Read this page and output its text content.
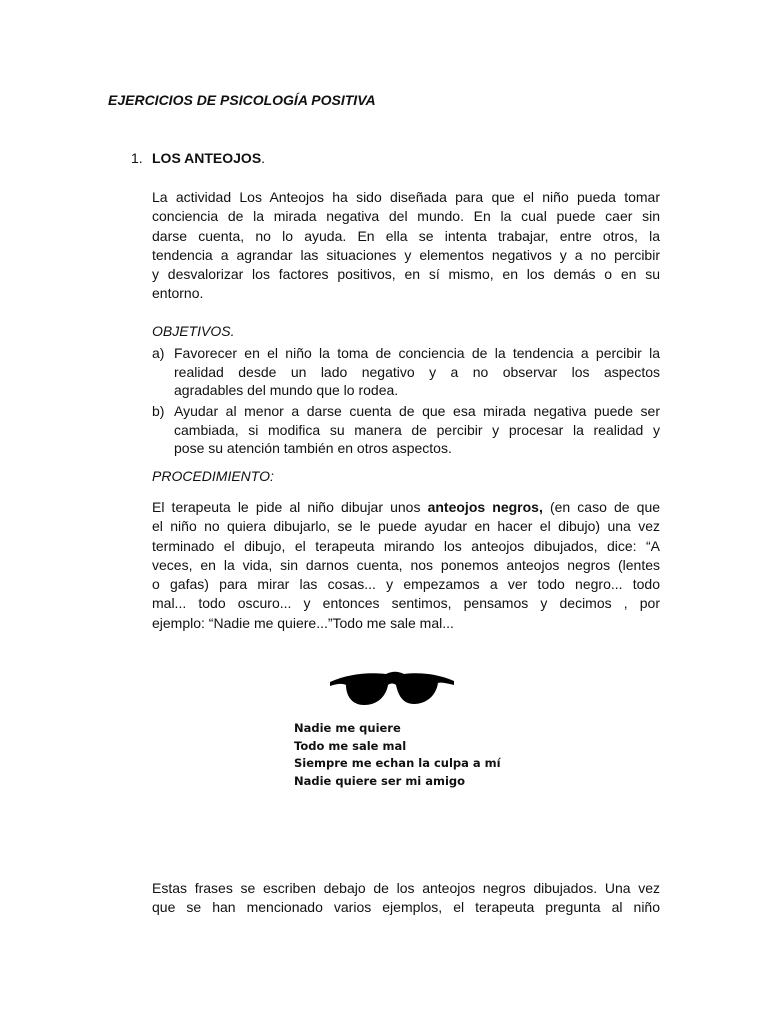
EJERCICIOS DE PSICOLOGÍA POSITIVA
1. LOS ANTEOJOS.
La actividad Los Anteojos ha sido diseñada para que el niño pueda tomar
conciencia de la mirada negativa del mundo. En la cual puede caer sin
darse cuenta, no lo ayuda. En ella se intenta trabajar, entre otros, la
tendencia a agrandar las situaciones y elementos negativos y a no percibir
y desvalorizar los factores positivos, en sí mismo, en los demás o en su
entorno.
OBJETIVOS.
a) Favorecer en el niño la toma de conciencia de la tendencia a percibir la
realidad desde un lado negativo y a no observar los aspectos
agradables del mundo que lo rodea.
b) Ayudar al menor a darse cuenta de que esa mirada negativa puede ser
cambiada, si modifica su manera de percibir y procesar la realidad y
pose su atención también en otros aspectos.
PROCEDIMIENTO:
El terapeuta le pide al niño dibujar unos anteojos negros, (en caso de que
el niño no quiera dibujarlo, se le puede ayudar en hacer el dibujo) una vez
terminado el dibujo, el terapeuta mirando los anteojos dibujados, dice: “A
veces, en la vida, sin darnos cuenta, nos ponemos anteojos negros (lentes
o gafas) para mirar las cosas... y empezamos a ver todo negro... todo
mal... todo oscuro... y entonces sentimos, pensamos y decimos , por
ejemplo: “Nadie me quiere...”Todo me sale mal...
Nadie me quiere
Todo me sale mal
Siempre me echan la culpa a mí
Nadie quiere ser mi amigo
Estas frases se escriben debajo de los anteojos negros dibujados. Una vez
que se han mencionado varios ejemplos, el terapeuta pregunta al niño
